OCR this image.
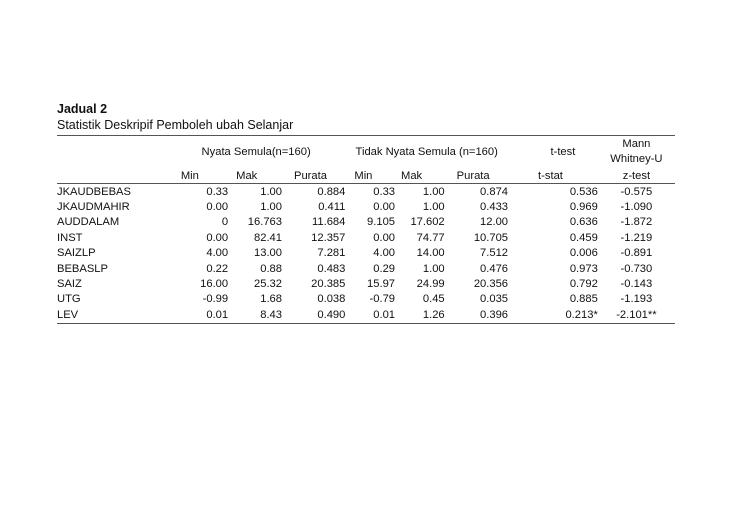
Jadual 2
Statistik Deskripif Pemboleh ubah Selanjar
	Nyata Semula(n=160)			Tidak Nyata Semula (n=160)			t-test	Mann
Whitney-U

	Min	Mak	Purata	Min	Mak	Purata	t-stat	z-test
JKAUDBEBAS	0.33	1.00	0.884	0.33	1.00	0.874	0.536	-0.575
JKAUDMAHIR	0.00	1.00	0.411	0.00	1.00	0.433	0.969	-1.090
AUDDALAM	0	16.763	11.684	9.105	17.602	12.00	0.636	-1.872
INST	0.00	82.41	12.357	0.00	74.77	10.705	0.459	-1.219
SAIZLP	4.00	13.00	7.281	4.00	14.00	7.512	0.006	-0.891
BEBASLP	0.22	0.88	0.483	0.29	1.00	0.476	0.973	-0.730
SAIZ	16.00	25.32	20.385	15.97	24.99	20.356	0.792	-0.143
UTG	-0.99	1.68	0.038	-0.79	0.45	0.035	0.885	-1.193
LEV	0.01	8.43	0.490	0.01	1.26	0.396	0.213*	-2.101**
